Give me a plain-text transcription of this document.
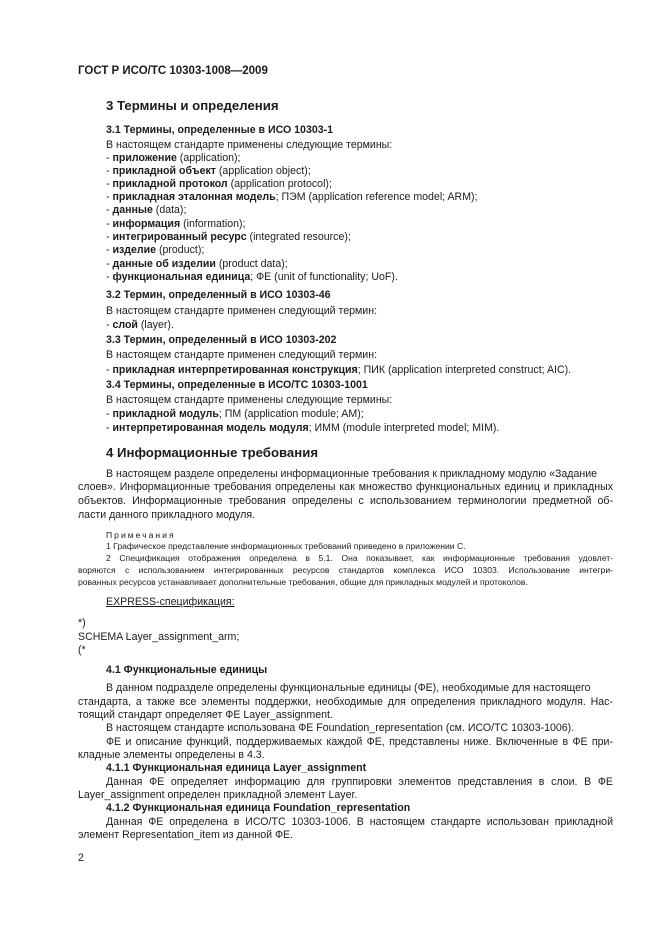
ГОСТ Р ИСО/ТС 10303-1008—2009
3 Термины и определения
3.1 Термины, определенные в ИСО 10303-1
В настоящем стандарте применены следующие термины:
- приложение (application);
- прикладной объект (application object);
- прикладной протокол (application protocol);
- прикладная эталонная модель; ПЭМ (application reference model; ARM);
- данные (data);
- информация (information);
- интегрированный ресурс (integrated resource);
- изделие (product);
- данные об изделии (product data);
- функциональная единица; ФЕ (unit of functionality; UoF).
3.2 Термин, определенный в ИСО 10303-46
В настоящем стандарте применен следующий термин:
- слой (layer).
3.3 Термин, определенный в ИСО 10303-202
В настоящем стандарте применен следующий термин:
- прикладная интерпретированная конструкция; ПИК (application interpreted construct; AIC).
3.4 Термины, определенные в ИСО/ТС 10303-1001
В настоящем стандарте применены следующие термины:
- прикладной модуль; ПМ (application module; AM);
- интерпретированная модель модуля; ИММ (module interpreted model; MIM).
4 Информационные требования
В настоящем разделе определены информационные требования к прикладному модулю «Задание
слоев». Информационные требования определены как множество функциональных единиц и прикладных
объектов. Информационные требования определены с использованием терминологии предметной об-
ласти данного прикладного модуля.
Примечания
1 Графическое представление информационных требований приведено в приложении С.
2 Спецификация отображения определена в 5.1. Она показывает, как информационные требования удовлет-
воряются с использованием интегрированных ресурсов стандартов комплекса ИСО 10303. Использование интегри-
рованных ресурсов устанавливает дополнительные требования, общие для прикладных модулей и протоколов.
EXPRESS-спецификация:
*)
SCHEMA Layer_assignment_arm;
(*
4.1 Функциональные единицы
В данном подразделе определены функциональные единицы (ФЕ), необходимые для настоящего
стандарта, а также все элементы поддержки, необходимые для определения прикладного модуля. Нас-
тоящий стандарт определяет ФЕ Layer_assignment.
В настоящем стандарте использована ФЕ Foundation_representation (см. ИСО/ТС 10303-1006).
ФЕ и описание функций, поддерживаемых каждой ФЕ, представлены ниже. Включенные в ФЕ при-
кладные элементы определены в 4.3.
4.1.1 Функциональная единица Layer_assignment
Данная ФЕ определяет информацию для группировки элементов представления в слои. В ФЕ
Layer_assignment определен прикладной элемент Layer.
4.1.2 Функциональная единица Foundation_representation
Данная ФЕ определена в ИСО/ТС 10303-1006. В настоящем стандарте использован прикладной
элемент Representation_item из данной ФЕ.
2
